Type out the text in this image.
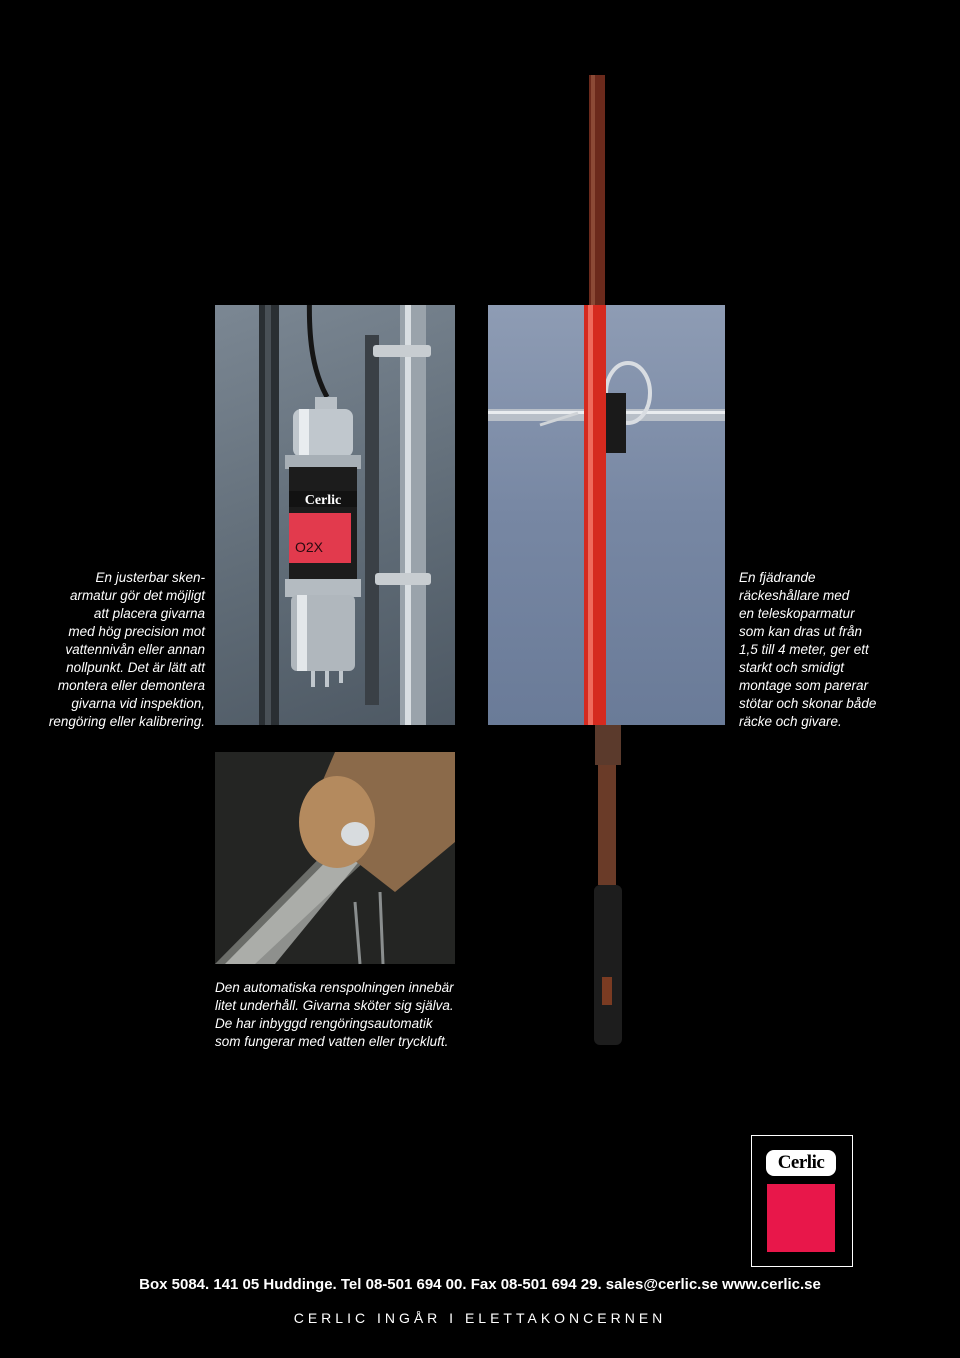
Cerlic
O2X
En justerbar sken-
armatur gör det möjligt
att placera givarna
med hög precision mot
vattennivån eller annan
nollpunkt. Det är lätt att
montera eller demontera
givarna vid inspektion,
rengöring eller kalibrering.
En fjädrande
räckeshållare med
en teleskoparmatur
som kan dras ut från
1,5 till 4 meter, ger ett
starkt och smidigt
montage som parerar
stötar och skonar både
räcke och givare.
Den automatiska renspolningen innebär
litet underhåll. Givarna sköter sig själva.
De har inbyggd rengöringsautomatik
som fungerar med vatten eller tryckluft.
Cerlic
Box 5084. 141 05 Huddinge. Tel 08-501 694 00. Fax 08-501 694 29. sales@cerlic.se www.cerlic.se
CERLIC INGÅR I ELETTAKONCERNEN
